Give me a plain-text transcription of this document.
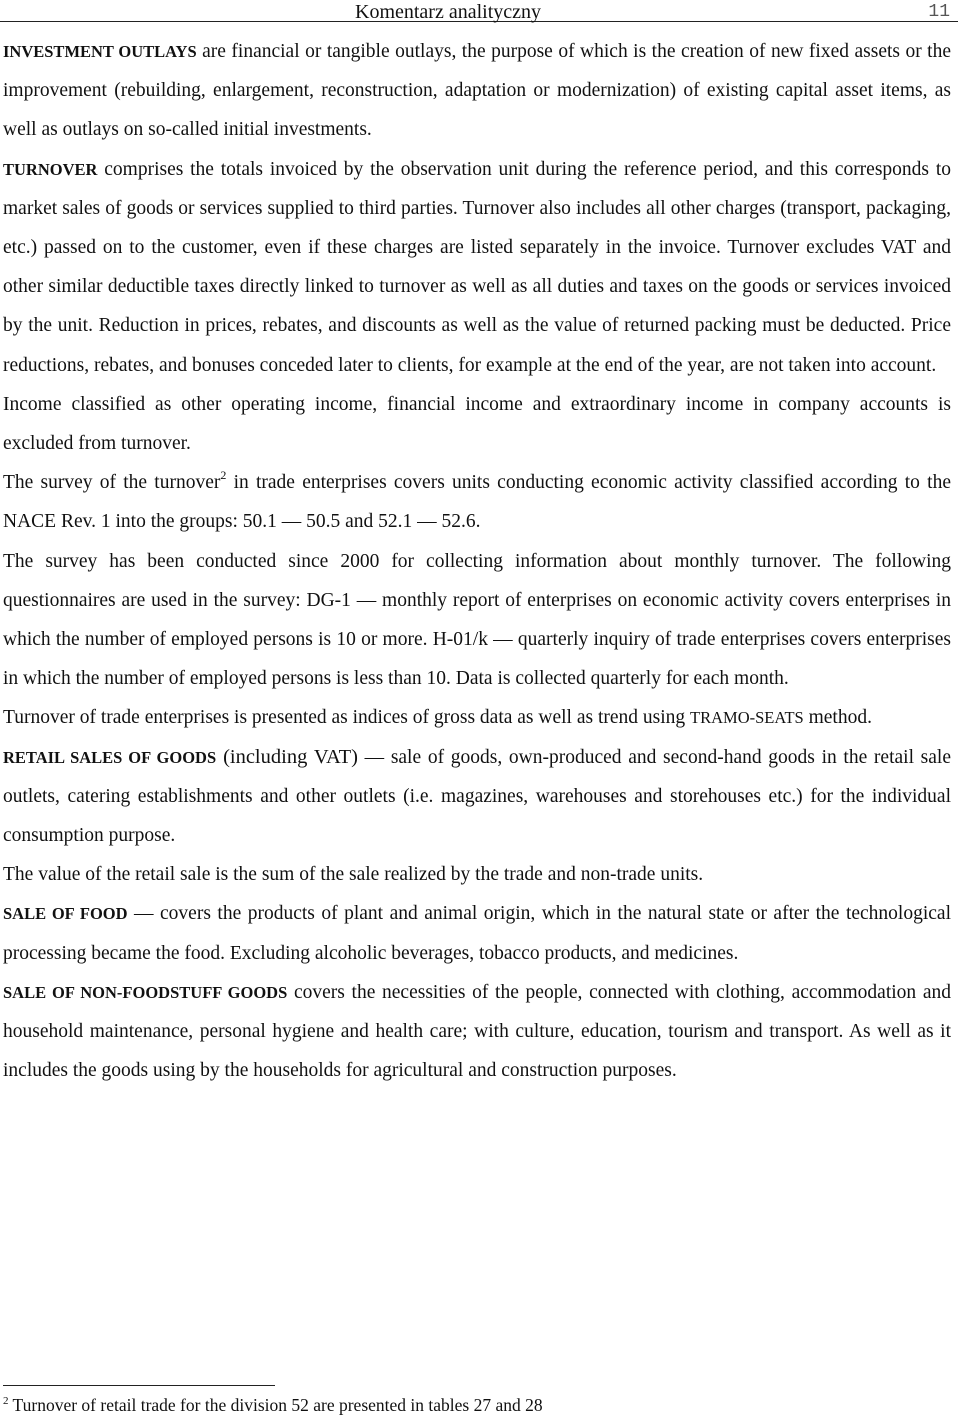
Komentarz analityczny	11

INVESTMENT OUTLAYS are financial or tangible outlays, the purpose of which is the creation of new fixed assets or the improvement (rebuilding, enlargement, reconstruction, adaptation or modernization) of existing capital asset items, as well as outlays on so-called initial investments.

TURNOVER comprises the totals invoiced by the observation unit during the reference period, and this corresponds to market sales of goods or services supplied to third parties. Turnover also includes all other charges (transport, packaging, etc.) passed on to the customer, even if these charges are listed separately in the invoice. Turnover excludes VAT and other similar deductible taxes directly linked to turnover as well as all duties and taxes on the goods or services invoiced by the unit. Reduction in prices, rebates, and discounts as well as the value of returned packing must be deducted. Price reductions, rebates, and bonuses conceded later to clients, for example at the end of the year, are not taken into account.

Income classified as other operating income, financial income and extraordinary income in company accounts is excluded from turnover.

The survey of the turnover$^2$ in trade enterprises covers units conducting economic activity classified according to the NACE Rev. 1 into the groups: 50.1 — 50.5 and 52.1 — 52.6.

The survey has been conducted since 2000 for collecting information about monthly turnover. The following questionnaires are used in the survey: DG-1 — monthly report of enterprises on economic activity covers enterprises in which the number of employed persons is 10 or more. H-01/k — quarterly inquiry of trade enterprises covers enterprises in which the number of employed persons is less than 10. Data is collected quarterly for each month.

Turnover of trade enterprises is presented as indices of gross data as well as trend using TRAMO-SEATS method.

RETAIL SALES OF GOODS (including VAT) — sale of goods, own-produced and second-hand goods in the retail sale outlets, catering establishments and other outlets (i.e. magazines, warehouses and storehouses etc.) for the individual consumption purpose.

The value of the retail sale is the sum of the sale realized by the trade and non-trade units.

SALE OF FOOD — covers the products of plant and animal origin, which in the natural state or after the technological processing became the food. Excluding alcoholic beverages, tobacco products, and medicines.

SALE OF NON-FOODSTUFF GOODS covers the necessities of the people, connected with clothing, accommodation and household maintenance, personal hygiene and health care; with culture, education, tourism and transport. As well as it includes the goods using by the households for agricultural and construction purposes.

$^2$ Turnover of retail trade for the division 52 are presented in tables 27 and 28
